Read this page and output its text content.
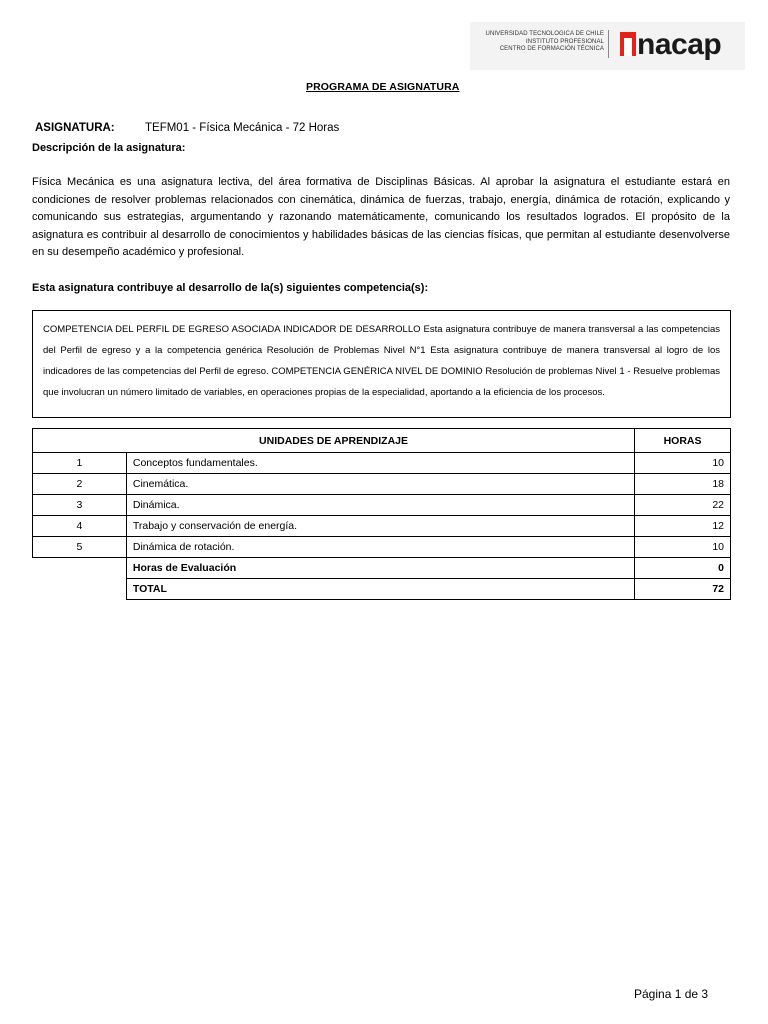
UNIVERSIDAD TECNOLOGICA DE CHILE
INSTITUTO PROFESIONAL
CENTRO DE FORMACIÓN TÉCNICA nacap
PROGRAMA DE ASIGNATURA
ASIGNATURA:	TEFM01 - Física Mecánica - 72 Horas
Descripción de la asignatura:
Física Mecánica es una asignatura lectiva, del área formativa de Disciplinas Básicas. Al aprobar la asignatura el estudiante estará en condiciones de resolver problemas relacionados con cinemática, dinámica de fuerzas, trabajo, energía, dinámica de rotación, explicando y comunicando sus estrategias, argumentando y razonando matemáticamente, comunicando los resultados logrados. El propósito de la asignatura es contribuir al desarrollo de conocimientos y habilidades básicas de las ciencias físicas, que permitan al estudiante desenvolverse en su desempeño académico y profesional.
Esta asignatura contribuye al desarrollo de la(s) siguientes competencia(s):
COMPETENCIA DEL PERFIL DE EGRESO ASOCIADA INDICADOR DE DESARROLLO Esta asignatura contribuye de manera transversal a las competencias del Perfil de egreso y a la competencia genérica Resolución de Problemas Nivel N°1 Esta asignatura contribuye de manera transversal al logro de los indicadores de las competencias del Perfil de egreso. COMPETENCIA GENÉRICA NIVEL DE DOMINIO Resolución de problemas Nivel 1 - Resuelve problemas que involucran un número limitado de variables, en operaciones propias de la especialidad, aportando a la eficiencia de los procesos.
UNIDADES DE APRENDIZAJE		HORAS
1	Conceptos fundamentales.	10
2	Cinemática.	18
3	Dinámica.	22
4	Trabajo y conservación de energía.	12
5	Dinámica de rotación.	10
	Horas de Evaluación	0
	TOTAL	72
Página 1 de 3
